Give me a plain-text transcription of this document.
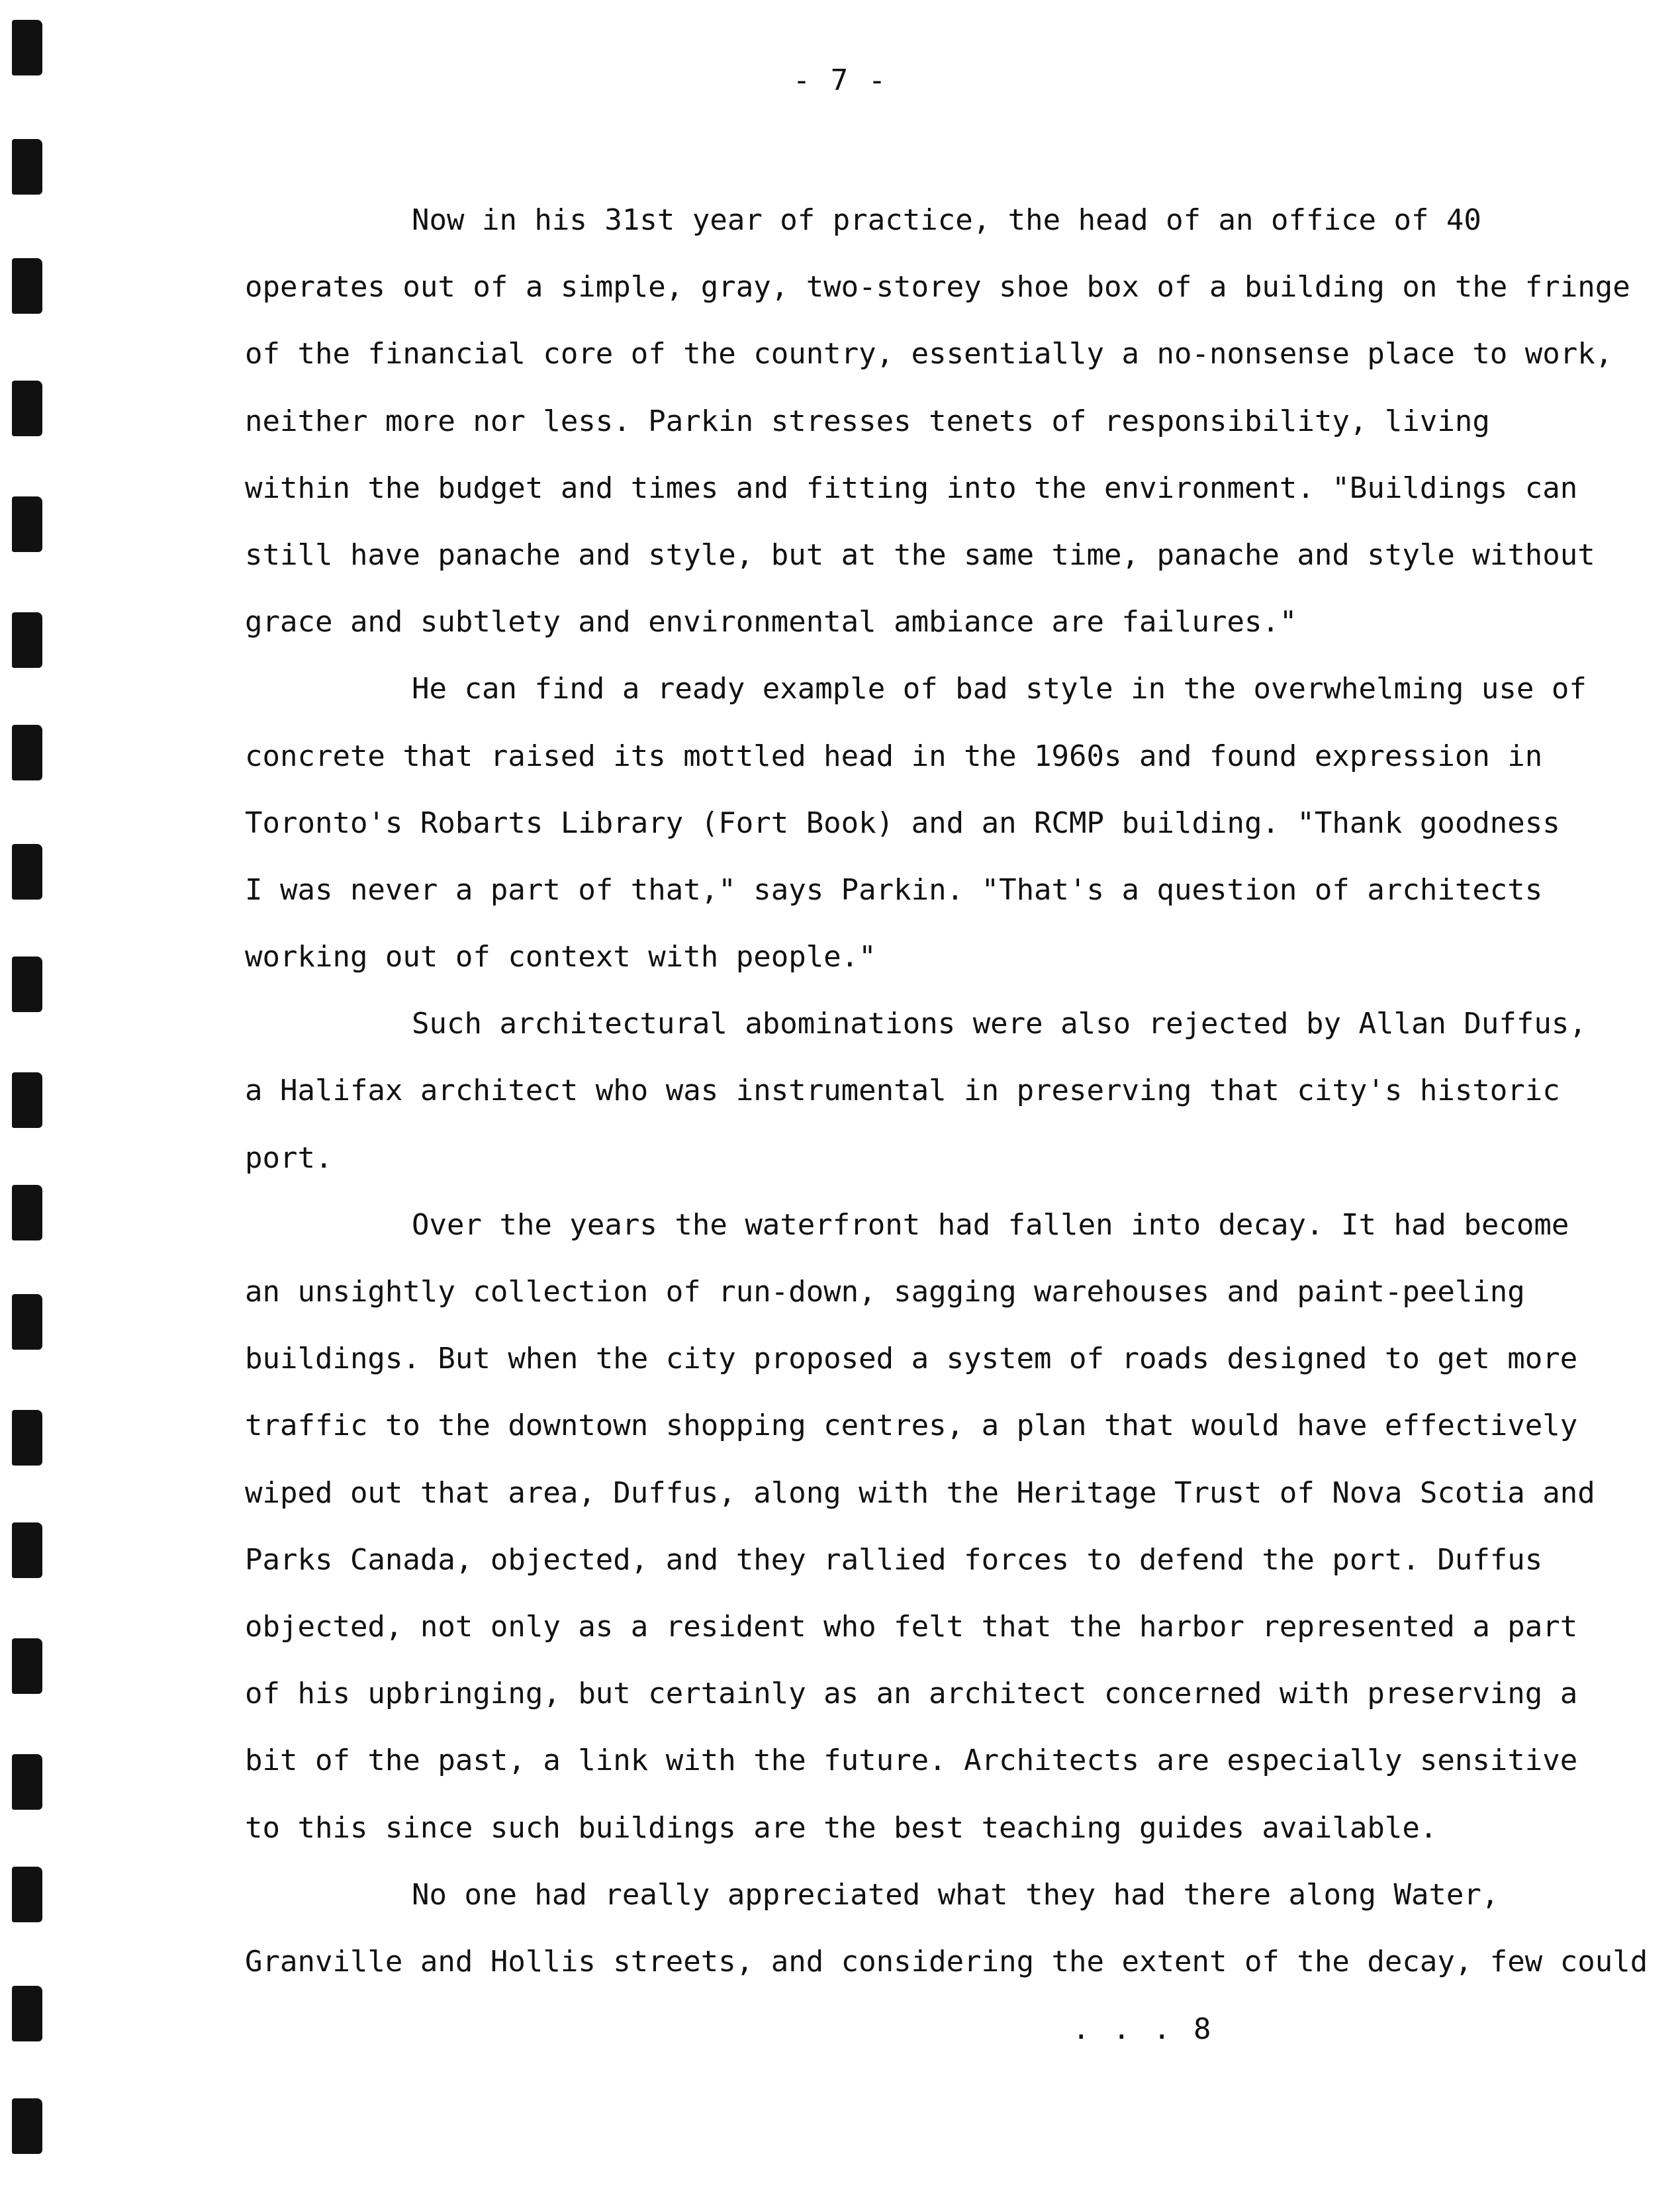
- 7 -
Now in his 31st year of practice, the head of an office of 40
operates out of a simple, gray, two-storey shoe box of a building on the fringe
of the financial core of the country, essentially a no-nonsense place to work,
neither more nor less. Parkin stresses tenets of responsibility, living
within the budget and times and fitting into the environment. "Buildings can
still have panache and style, but at the same time, panache and style without
grace and subtlety and environmental ambiance are failures."
He can find a ready example of bad style in the overwhelming use of
concrete that raised its mottled head in the 1960s and found expression in
Toronto's Robarts Library (Fort Book) and an RCMP building. "Thank goodness
I was never a part of that," says Parkin. "That's a question of architects
working out of context with people."
Such architectural abominations were also rejected by Allan Duffus,
a Halifax architect who was instrumental in preserving that city's historic
port.
Over the years the waterfront had fallen into decay. It had become
an unsightly collection of run-down, sagging warehouses and paint-peeling
buildings. But when the city proposed a system of roads designed to get more
traffic to the downtown shopping centres, a plan that would have effectively
wiped out that area, Duffus, along with the Heritage Trust of Nova Scotia and
Parks Canada, objected, and they rallied forces to defend the port. Duffus
objected, not only as a resident who felt that the harbor represented a part
of his upbringing, but certainly as an architect concerned with preserving a
bit of the past, a link with the future. Architects are especially sensitive
to this since such buildings are the best teaching guides available.
No one had really appreciated what they had there along Water,
Granville and Hollis streets, and considering the extent of the decay, few could
. . . 8
